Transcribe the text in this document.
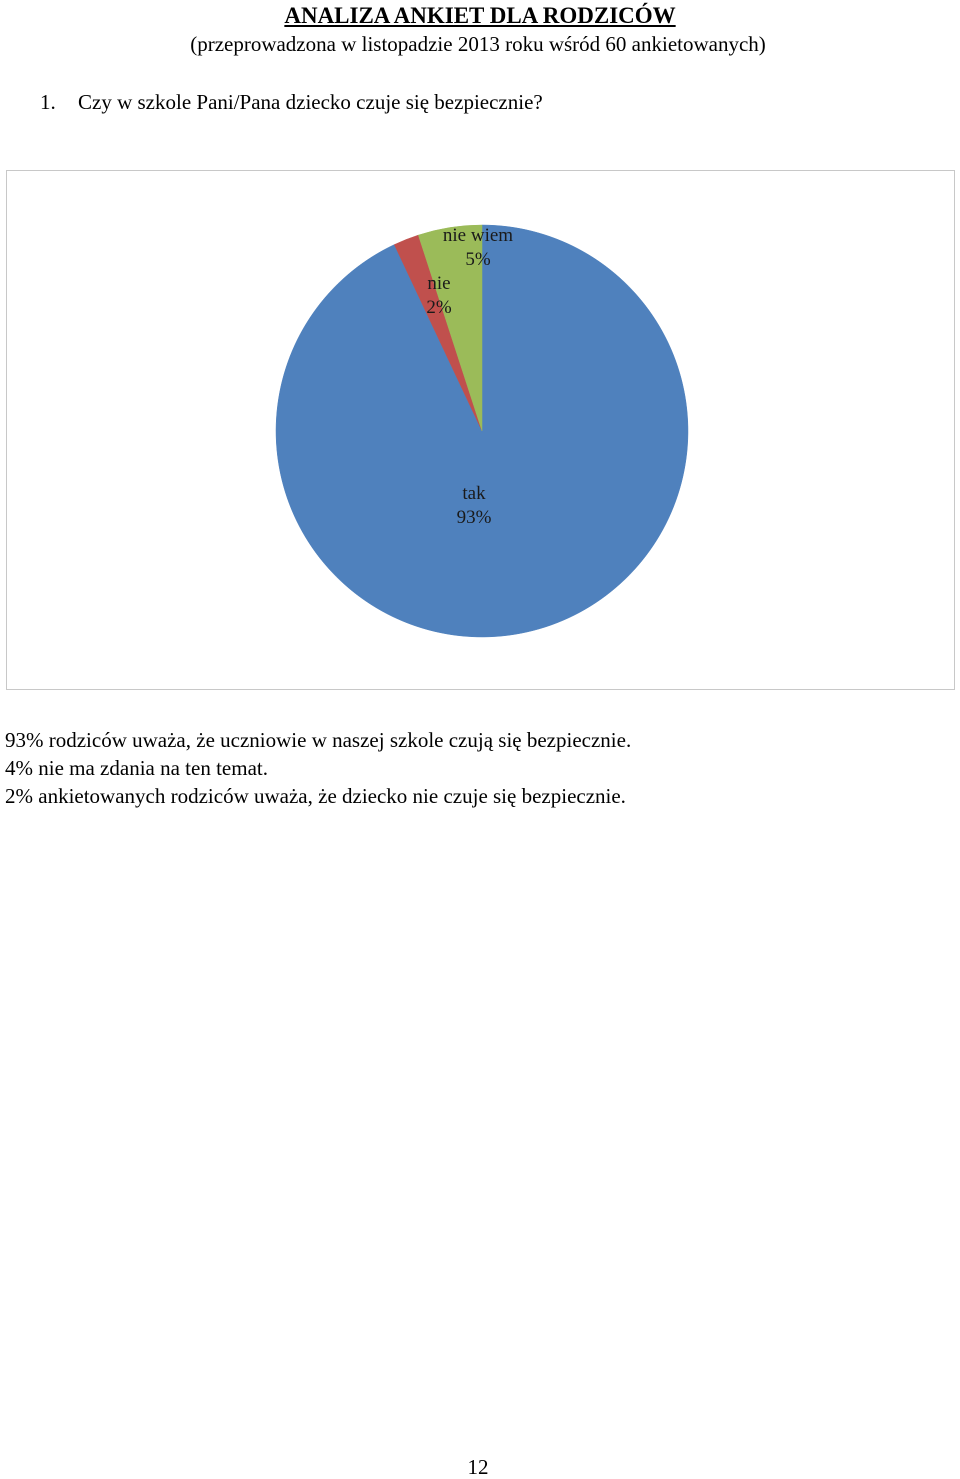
ANALIZA ANKIET DLA RODZICÓW
(przeprowadzona w listopadzie 2013 roku wśród 60 ankietowanych)
1. Czy w szkole Pani/Pana dziecko czuje się bezpiecznie?
tak
93%
nie
2%
nie wiem
5%

93% rodziców uważa, że uczniowie w naszej szkole czują się bezpiecznie.

4% nie ma zdania na ten temat.

2% ankietowanych rodziców uważa, że dziecko nie czuje się bezpiecznie.

12
